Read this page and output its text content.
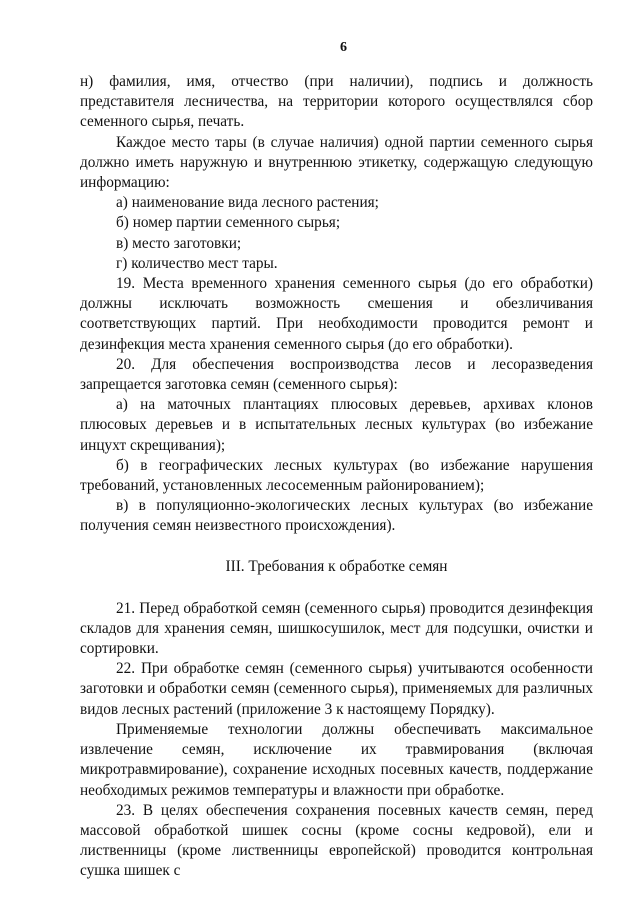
6

н) фамилия, имя, отчество (при наличии), подпись и должность представителя лесничества, на территории которого осуществлялся сбор семенного сырья, печать.

Каждое место тары (в случае наличия) одной партии семенного сырья должно иметь наружную и внутреннюю этикетку, содержащую следующую информацию:

а) наименование вида лесного растения;

б) номер партии семенного сырья;

в) место заготовки;

г) количество мест тары.

19. Места временного хранения семенного сырья (до его обработки) должны исключать возможность смешения и обезличивания соответствующих партий. При необходимости проводится ремонт и дезинфекция места хранения семенного сырья (до его обработки).

20. Для обеспечения воспроизводства лесов и лесоразведения запрещается заготовка семян (семенного сырья):

а) на маточных плантациях плюсовых деревьев, архивах клонов плюсовых деревьев и в испытательных лесных культурах (во избежание инцухт скрещивания);

б) в географических лесных культурах (во избежание нарушения требований, установленных лесосеменным районированием);

в) в популяционно-экологических лесных культурах (во избежание получения семян неизвестного происхождения).

III. Требования к обработке семян

21. Перед обработкой семян (семенного сырья) проводится дезинфекция складов для хранения семян, шишкосушилок, мест для подсушки, очистки и сортировки.

22. При обработке семян (семенного сырья) учитываются особенности заготовки и обработки семян (семенного сырья), применяемых для различных видов лесных растений (приложение 3 к настоящему Порядку).

Применяемые технологии должны обеспечивать максимальное извлечение семян, исключение их травмирования (включая микротравмирование), сохранение исходных посевных качеств, поддержание необходимых режимов температуры и влажности при обработке.

23. В целях обеспечения сохранения посевных качеств семян, перед массовой обработкой шишек сосны (кроме сосны кедровой), ели и лиственницы (кроме лиственницы европейской) проводится контрольная сушка шишек с
